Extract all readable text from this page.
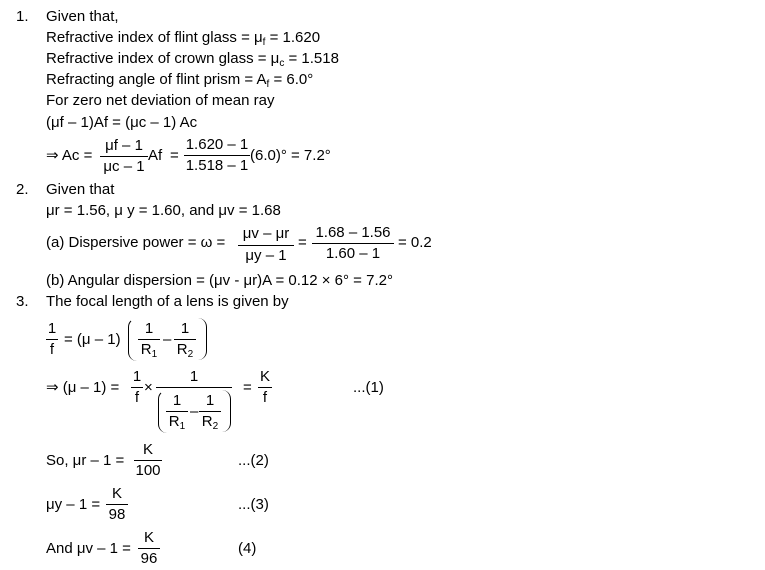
1. Given that,
Refractive index of flint glass = $\mu_f = 1.620$
Refractive index of crown glass = $\mu_c = 1.518$
Refracting angle of flint prism = $A_f = 6.0^\circ$
For zero net deviation of mean ray
(μf – 1)Af = (μc – 1) Ac
⇒ Ac =
μf – 1
μc – 1
Af =
1.620 – 1
1.518 – 1
(6.0)° = 7.2°
2. Given that
μr = 1.56, μ y = 1.60, and μv = 1.68
(a) Dispersive power = ω =
μv – μr
μy – 1
=
1.68 – 1.56
1.60 – 1
= 0.2
(b) Angular dispersion = (μv - μr)A = 0.12 × 6° = 7.2°
3. The focal length of a lens is given by
1
f
= (μ – 1)
1
$R_1$
–
1
$R_2$
⇒ (μ – 1) =
1
f
×
1
1
$R_1$
–
1
$R_2$
=
K
f
...(1)
So, μr – 1 =
K
100
...(2)
μy – 1 =
K
98
...(3)
And μv – 1 =
K
96
(4)
